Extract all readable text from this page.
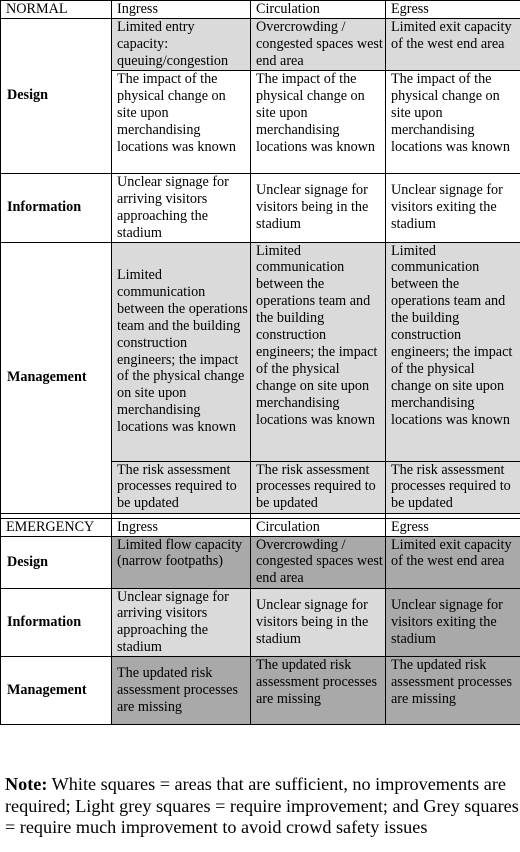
NORMAL	Ingress	Circulation	Egress
Design	Limited entry capacity: queuing/congestion	Overcrowding / congested spaces west end area	Limited exit capacity of the west end area
	The impact of the physical change on site upon merchandising locations was known	The impact of the physical change on site upon merchandising locations was known	The impact of the physical change on site upon merchandising locations was known
Information	Unclear signage for arriving visitors approaching the stadium	Unclear signage for visitors being in the stadium	Unclear signage for visitors exiting the stadium
Management	Limited communication between the operations team and the building construction engineers; the impact of the physical change on site upon merchandising locations was known	Limited communication between the operations team and the building construction engineers; the impact of the physical change on site upon merchandising locations was known	Limited communication between the operations team and the building construction engineers; the impact of the physical change on site upon merchandising locations was known
	The risk assessment processes required to be updated	The risk assessment processes required to be updated	The risk assessment processes required to be updated

EMERGENCY	Ingress	Circulation	Egress
Design	Limited flow capacity (narrow footpaths)	Overcrowding / congested spaces west end area	Limited exit capacity of the west end area
Information	Unclear signage for arriving visitors approaching the stadium	Unclear signage for visitors being in the stadium	Unclear signage for visitors exiting the stadium
Management	The updated risk assessment processes are missing	The updated risk assessment processes are missing	The updated risk assessment processes are missing

Note: White squares = areas that are sufficient, no improvements are required; Light grey squares = require improvement; and Grey squares = require much improvement to avoid crowd safety issues
